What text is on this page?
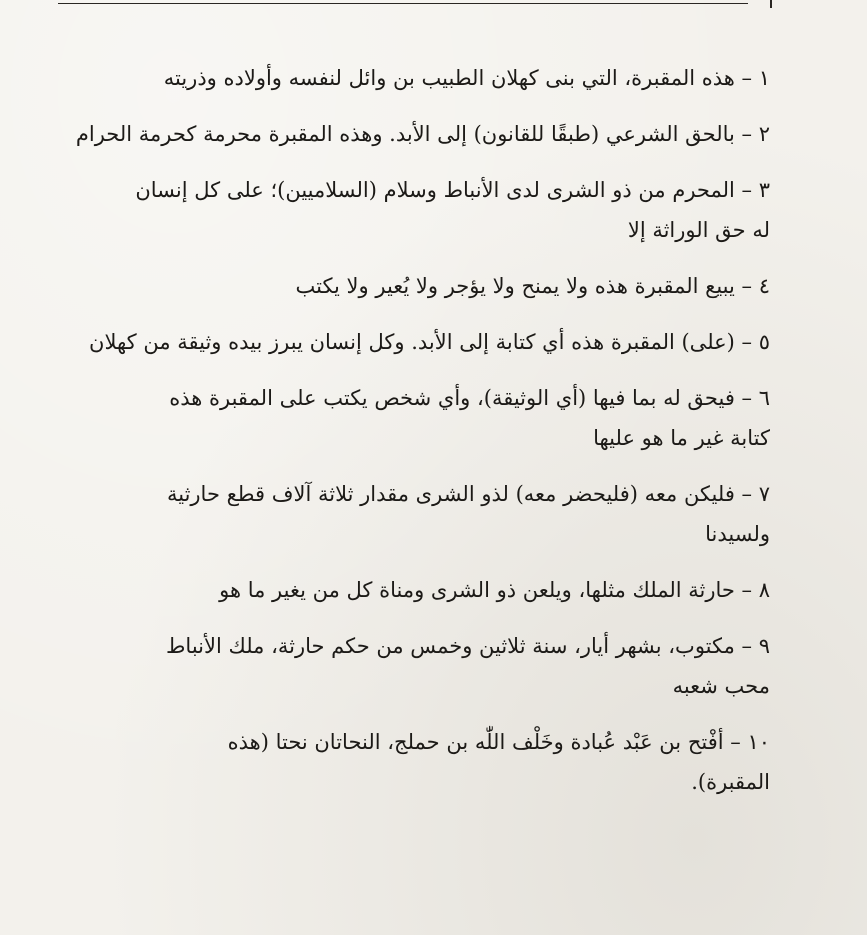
١ – هذه المقبرة، التي بنى كهلان الطبيب بن وائل لنفسه وأولاده وذريته
٢ – بالحق الشرعي (طبقًا للقانون) إلى الأبد. وهذه المقبرة محرمة كحرمة الحرام
٣ – المحرم من ذو الشرى لدى الأنباط وسلام (السلاميين)؛ على كل إنسان
له حق الوراثة إلا
٤ – يبيع المقبرة هذه ولا يمنح ولا يؤجر ولا يُعير ولا يكتب
٥ – (على) المقبرة هذه أي كتابة إلى الأبد. وكل إنسان يبرز بيده وثيقة من كهلان
٦ – فيحق له بما فيها (أي الوثيقة)، وأي شخص يكتب على المقبرة هذه
كتابة غير ما هو عليها
٧ – فليكن معه (فليحضر معه) لذو الشرى مقدار ثلاثة آلاف قطع حارثية
ولسيدنا
٨ – حارثة الملك مثلها، ويلعن ذو الشرى ومناة كل من يغير ما هو
٩ – مكتوب، بشهر أيار، سنة ثلاثين وخمس من حكم حارثة، ملك الأنباط
محب شعبه
١٠ – أفْتح بن عَبْد عُبادة وخَلْف اللّٰه بن حملج، النحاتان نحتا (هذه
المقبرة).
